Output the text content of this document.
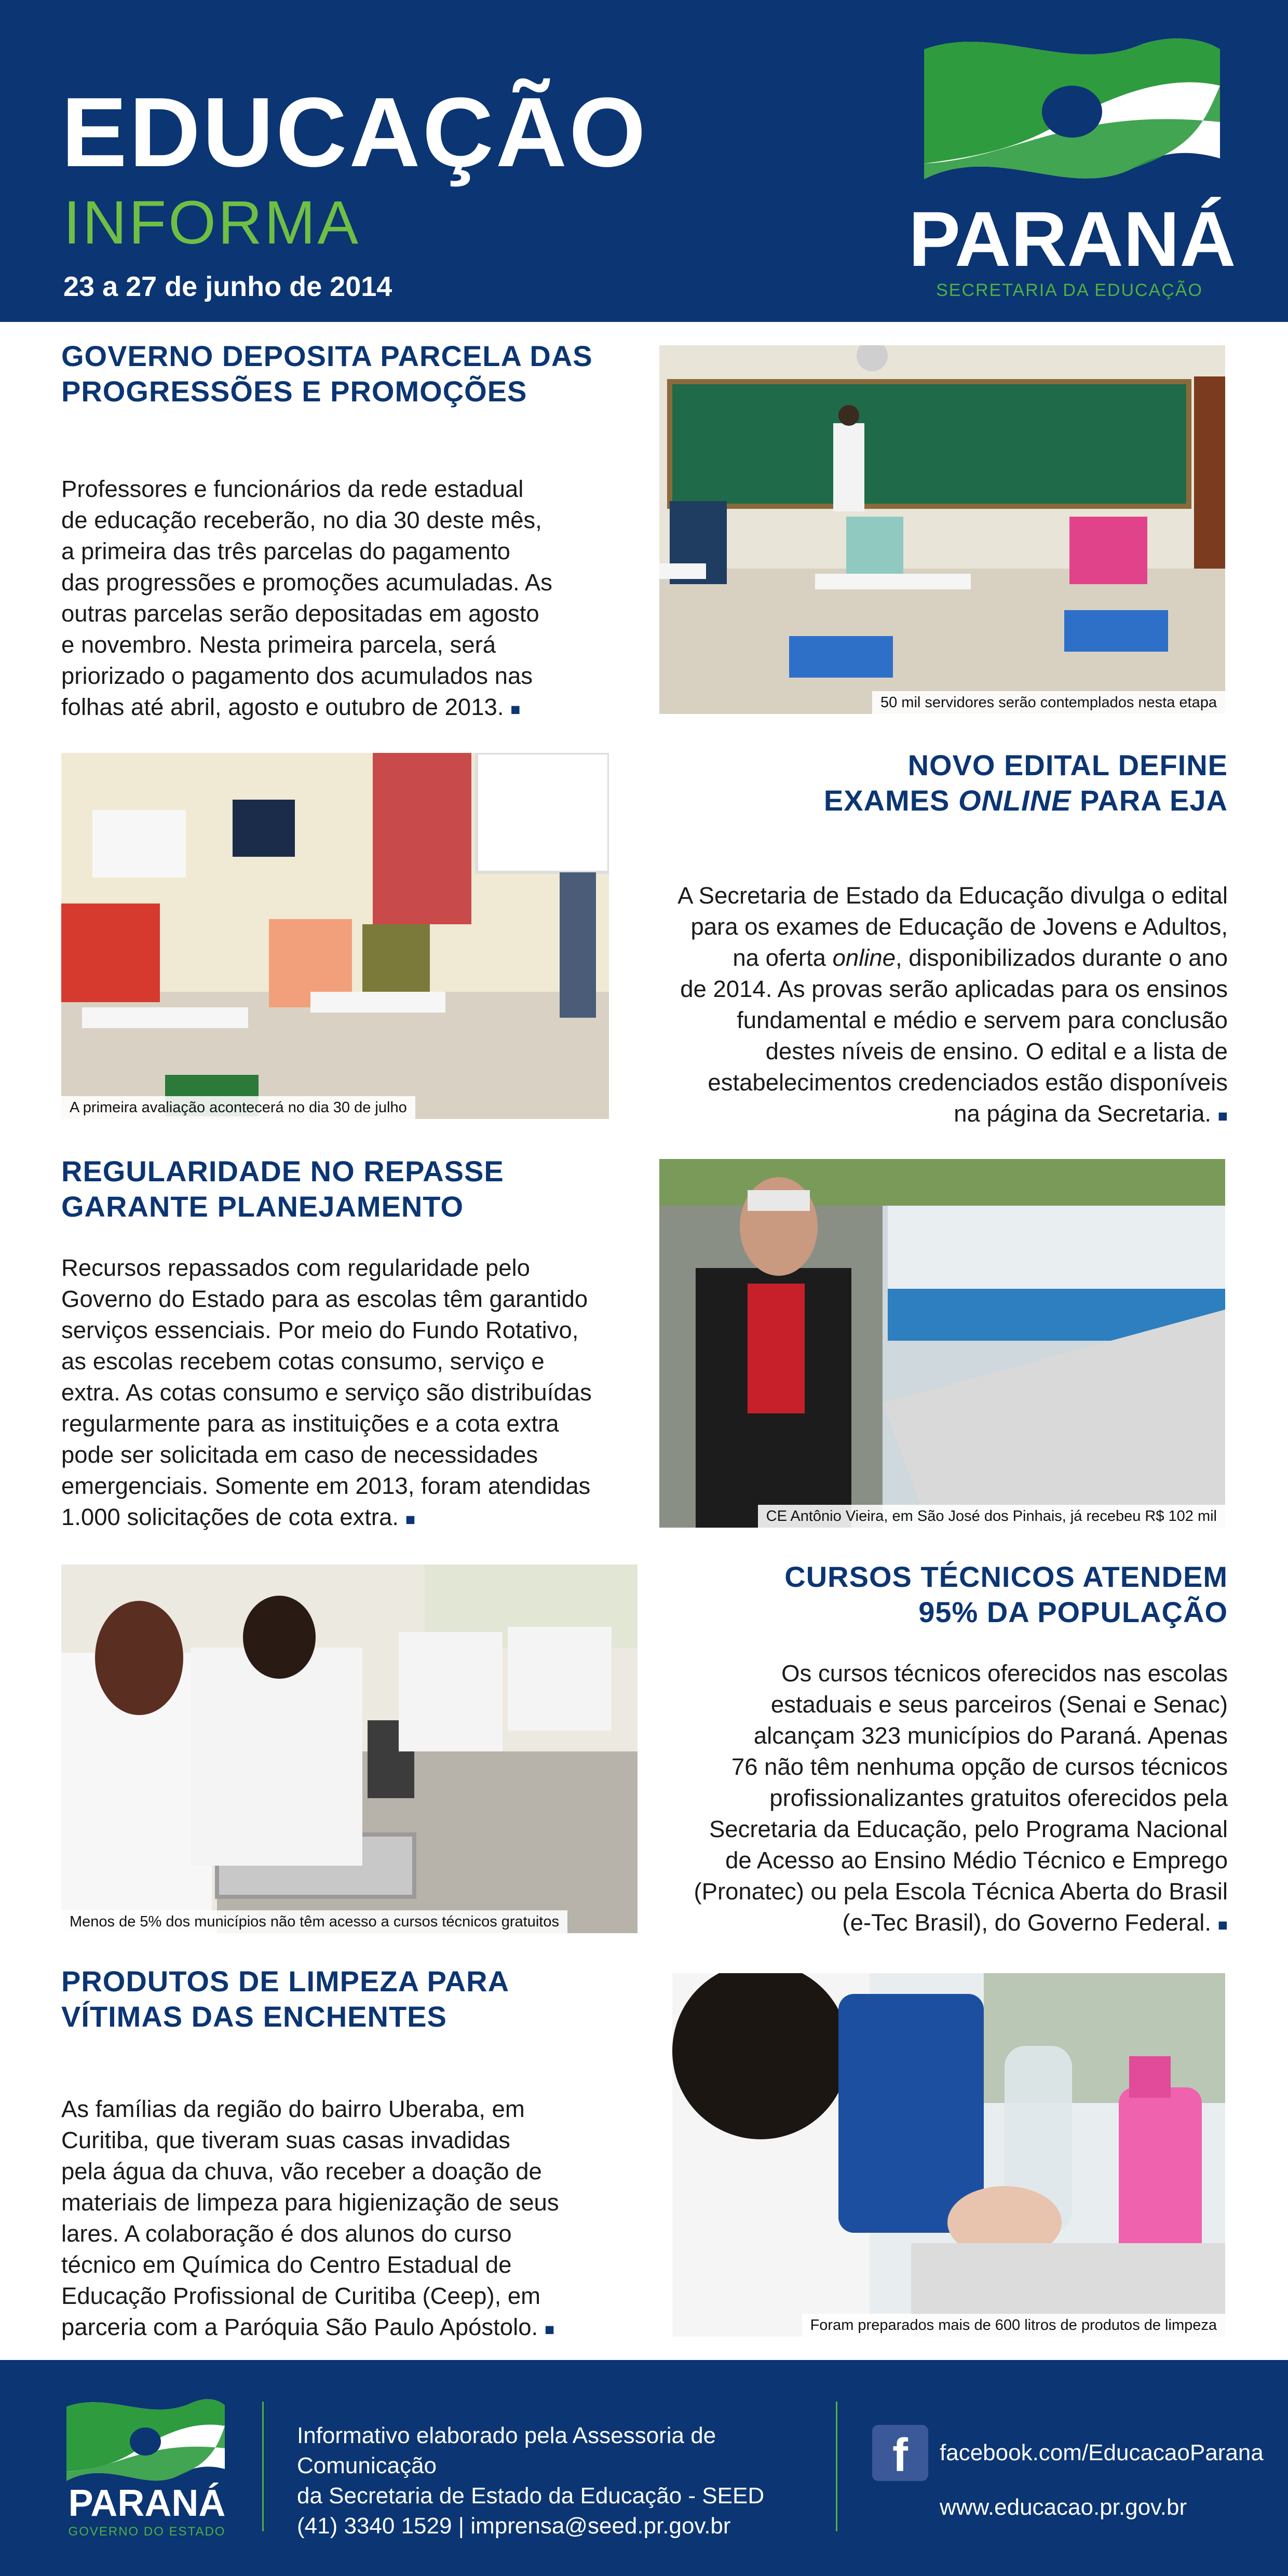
EDUCAÇÃO
INFORMA
23 a 27 de junho de 2014
PARANÁ
SECRETARIA DA EDUCAÇÃO
GOVERNO DEPOSITA PARCELA DAS
PROGRESSÕES E PROMOÇÕES
Professores e funcionários da rede estadual
de educação receberão, no dia 30 deste mês,
a primeira das três parcelas do pagamento
das progressões e promoções acumuladas. As
outras parcelas serão depositadas em agosto
e novembro. Nesta primeira parcela, será
priorizado o pagamento dos acumulados nas
folhas até abril, agosto e outubro de 2013. ■	50 mil servidores serão contemplados nesta etapa
A primeira avaliação acontecerá no dia 30 de julho
NOVO EDITAL DEFINE
EXAMES ONLINE PARA EJA
A Secretaria de Estado da Educação divulga o edital
para os exames de Educação de Jovens e Adultos,
na oferta online, disponibilizados durante o ano
de 2014. As provas serão aplicadas para os ensinos
fundamental e médio e servem para conclusão
destes níveis de ensino. O edital e a lista de
estabelecimentos credenciados estão disponíveis
na página da Secretaria. ■
REGULARIDADE NO REPASSE
GARANTE PLANEJAMENTO
Recursos repassados com regularidade pelo
Governo do Estado para as escolas têm garantido
serviços essenciais. Por meio do Fundo Rotativo,
as escolas recebem cotas consumo, serviço e
extra. As cotas consumo e serviço são distribuídas
regularmente para as instituições e a cota extra
pode ser solicitada em caso de necessidades
emergenciais. Somente em 2013, foram atendidas
1.000 solicitações de cota extra. ■	CE Antônio Vieira, em São José dos Pinhais, já recebeu R$ 102 mil
Menos de 5% dos municípios não têm acesso a cursos técnicos gratuitos
CURSOS TÉCNICOS ATENDEM
95% DA POPULAÇÃO
Os cursos técnicos oferecidos nas escolas
estaduais e seus parceiros (Senai e Senac)
alcançam 323 municípios do Paraná. Apenas
76 não têm nenhuma opção de cursos técnicos
profissionalizantes gratuitos oferecidos pela
Secretaria da Educação, pelo Programa Nacional
de Acesso ao Ensino Médio Técnico e Emprego
(Pronatec) ou pela Escola Técnica Aberta do Brasil
(e-Tec Brasil), do Governo Federal. ■
PRODUTOS DE LIMPEZA PARA
VÍTIMAS DAS ENCHENTES
As famílias da região do bairro Uberaba, em
Curitiba, que tiveram suas casas invadidas
pela água da chuva, vão receber a doação de
materiais de limpeza para higienização de seus
lares. A colaboração é dos alunos do curso
técnico em Química do Centro Estadual de
Educação Profissional de Curitiba (Ceep), em
parceria com a Paróquia São Paulo Apóstolo. ■	Foram preparados mais de 600 litros de produtos de limpeza
PARANÁ
GOVERNO DO ESTADO
Informativo elaborado pela Assessoria de Comunicação
da Secretaria de Estado da Educação - SEED
(41) 3340 1529 | imprensa@seed.pr.gov.br
f	facebook.com/EducacaoParana
www.educacao.pr.gov.br
